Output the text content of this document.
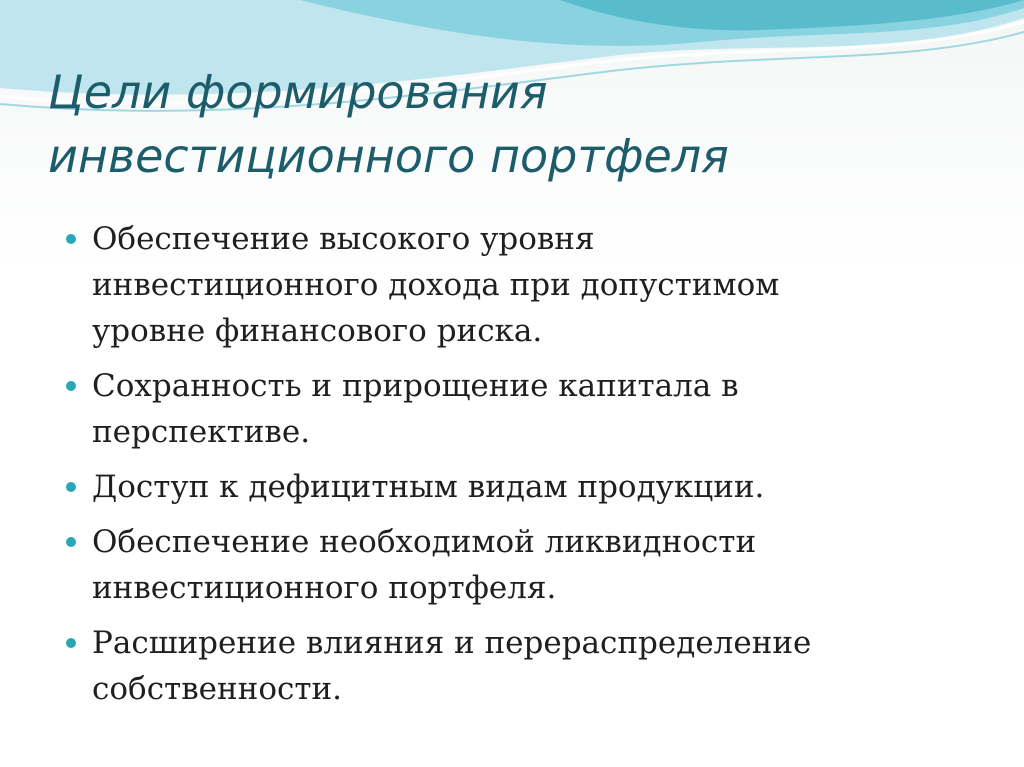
Цели формирования
инвестиционного портфеля
Обеспечение высокого уровня
инвестиционного дохода при допустимом
уровне финансового риска.
Сохранность и прирощение капитала в
перспективе.
Доступ к дефицитным видам продукции.
Обеспечение необходимой ликвидности
инвестиционного портфеля.
Расширение влияния и перераспределение
собственности.
